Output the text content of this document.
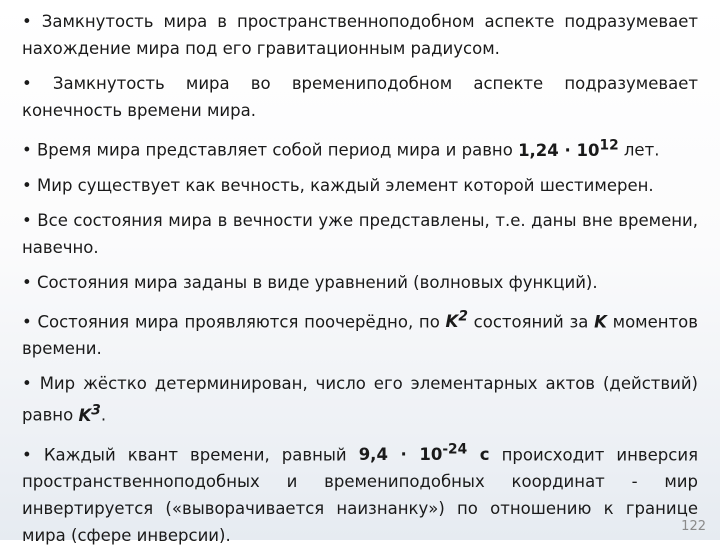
• Замкнутость мира в пространственноподобном аспекте подразумевает нахождение мира под его гравитационным радиусом.
• Замкнутость мира во времениподобном аспекте подразумевает конечность времени мира.
• Время мира представляет собой период мира и равно $1,24 \cdot 10^{12}$ лет.
• Мир существует как вечность, каждый элемент которой шестимерен.
• Все состояния мира в вечности уже представлены, т.е. даны вне времени, навечно.
• Состояния мира заданы в виде уравнений (волновых функций).
• Состояния мира проявляются поочерёдно, по $K^2$ состояний за K моментов времени.
• Мир жёстко детерминирован, число его элементарных актов (действий) равно $K^3$.
• Каждый квант времени, равный $9,4 \cdot 10^{-24}$ с происходит инверсия пространственноподобных и времениподобных координат - мир инвертируется («выворачивается наизнанку») по отношению к границе мира (сфере инверсии).	122
